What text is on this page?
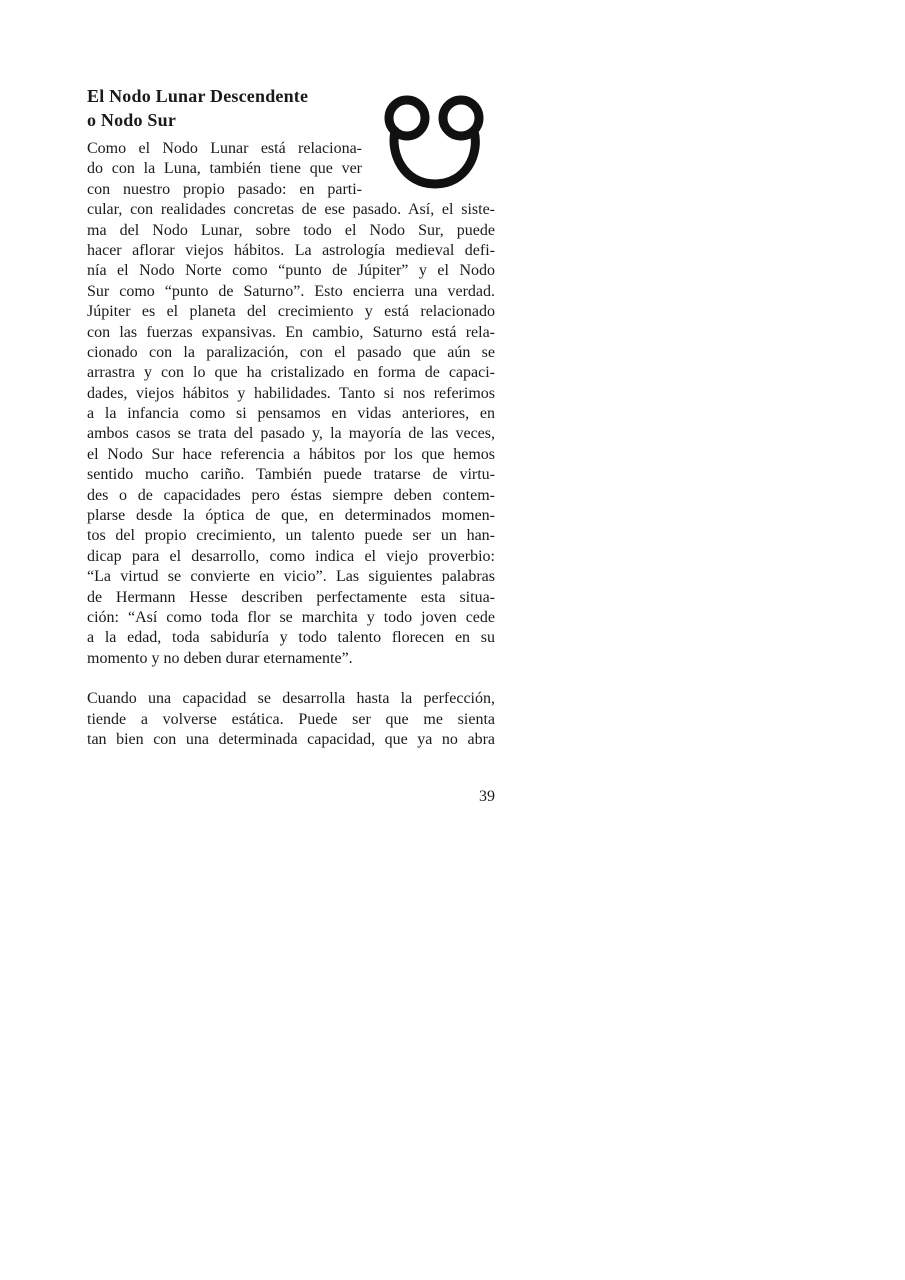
El Nodo Lunar Descendente
o Nodo Sur

Como el Nodo Lunar está relaciona-
do con la Luna, también tiene que ver
con nuestro propio pasado: en parti-
cular, con realidades concretas de ese pasado. Así, el siste-
ma del Nodo Lunar, sobre todo el Nodo Sur, puede
hacer aflorar viejos hábitos. La astrología medieval defi-
nía el Nodo Norte como “punto de Júpiter” y el Nodo
Sur como “punto de Saturno”. Esto encierra una verdad.
Júpiter es el planeta del crecimiento y está relacionado
con las fuerzas expansivas. En cambio, Saturno está rela-
cionado con la paralización, con el pasado que aún se
arrastra y con lo que ha cristalizado en forma de capaci-
dades, viejos hábitos y habilidades. Tanto si nos referimos
a la infancia como si pensamos en vidas anteriores, en
ambos casos se trata del pasado y, la mayoría de las veces,
el Nodo Sur hace referencia a hábitos por los que hemos
sentido mucho cariño. También puede tratarse de virtu-
des o de capacidades pero éstas siempre deben contem-
plarse desde la óptica de que, en determinados momen-
tos del propio crecimiento, un talento puede ser un han-
dicap para el desarrollo, como indica el viejo proverbio:
“La virtud se convierte en vicio”. Las siguientes palabras
de Hermann Hesse describen perfectamente esta situa-
ción: “Así como toda flor se marchita y todo joven cede
a la edad, toda sabiduría y todo talento florecen en su
momento y no deben durar eternamente”.

Cuando una capacidad se desarrolla hasta la perfección,
tiende a volverse estática. Puede ser que me sienta
tan bien con una determinada capacidad, que ya no abra

39
